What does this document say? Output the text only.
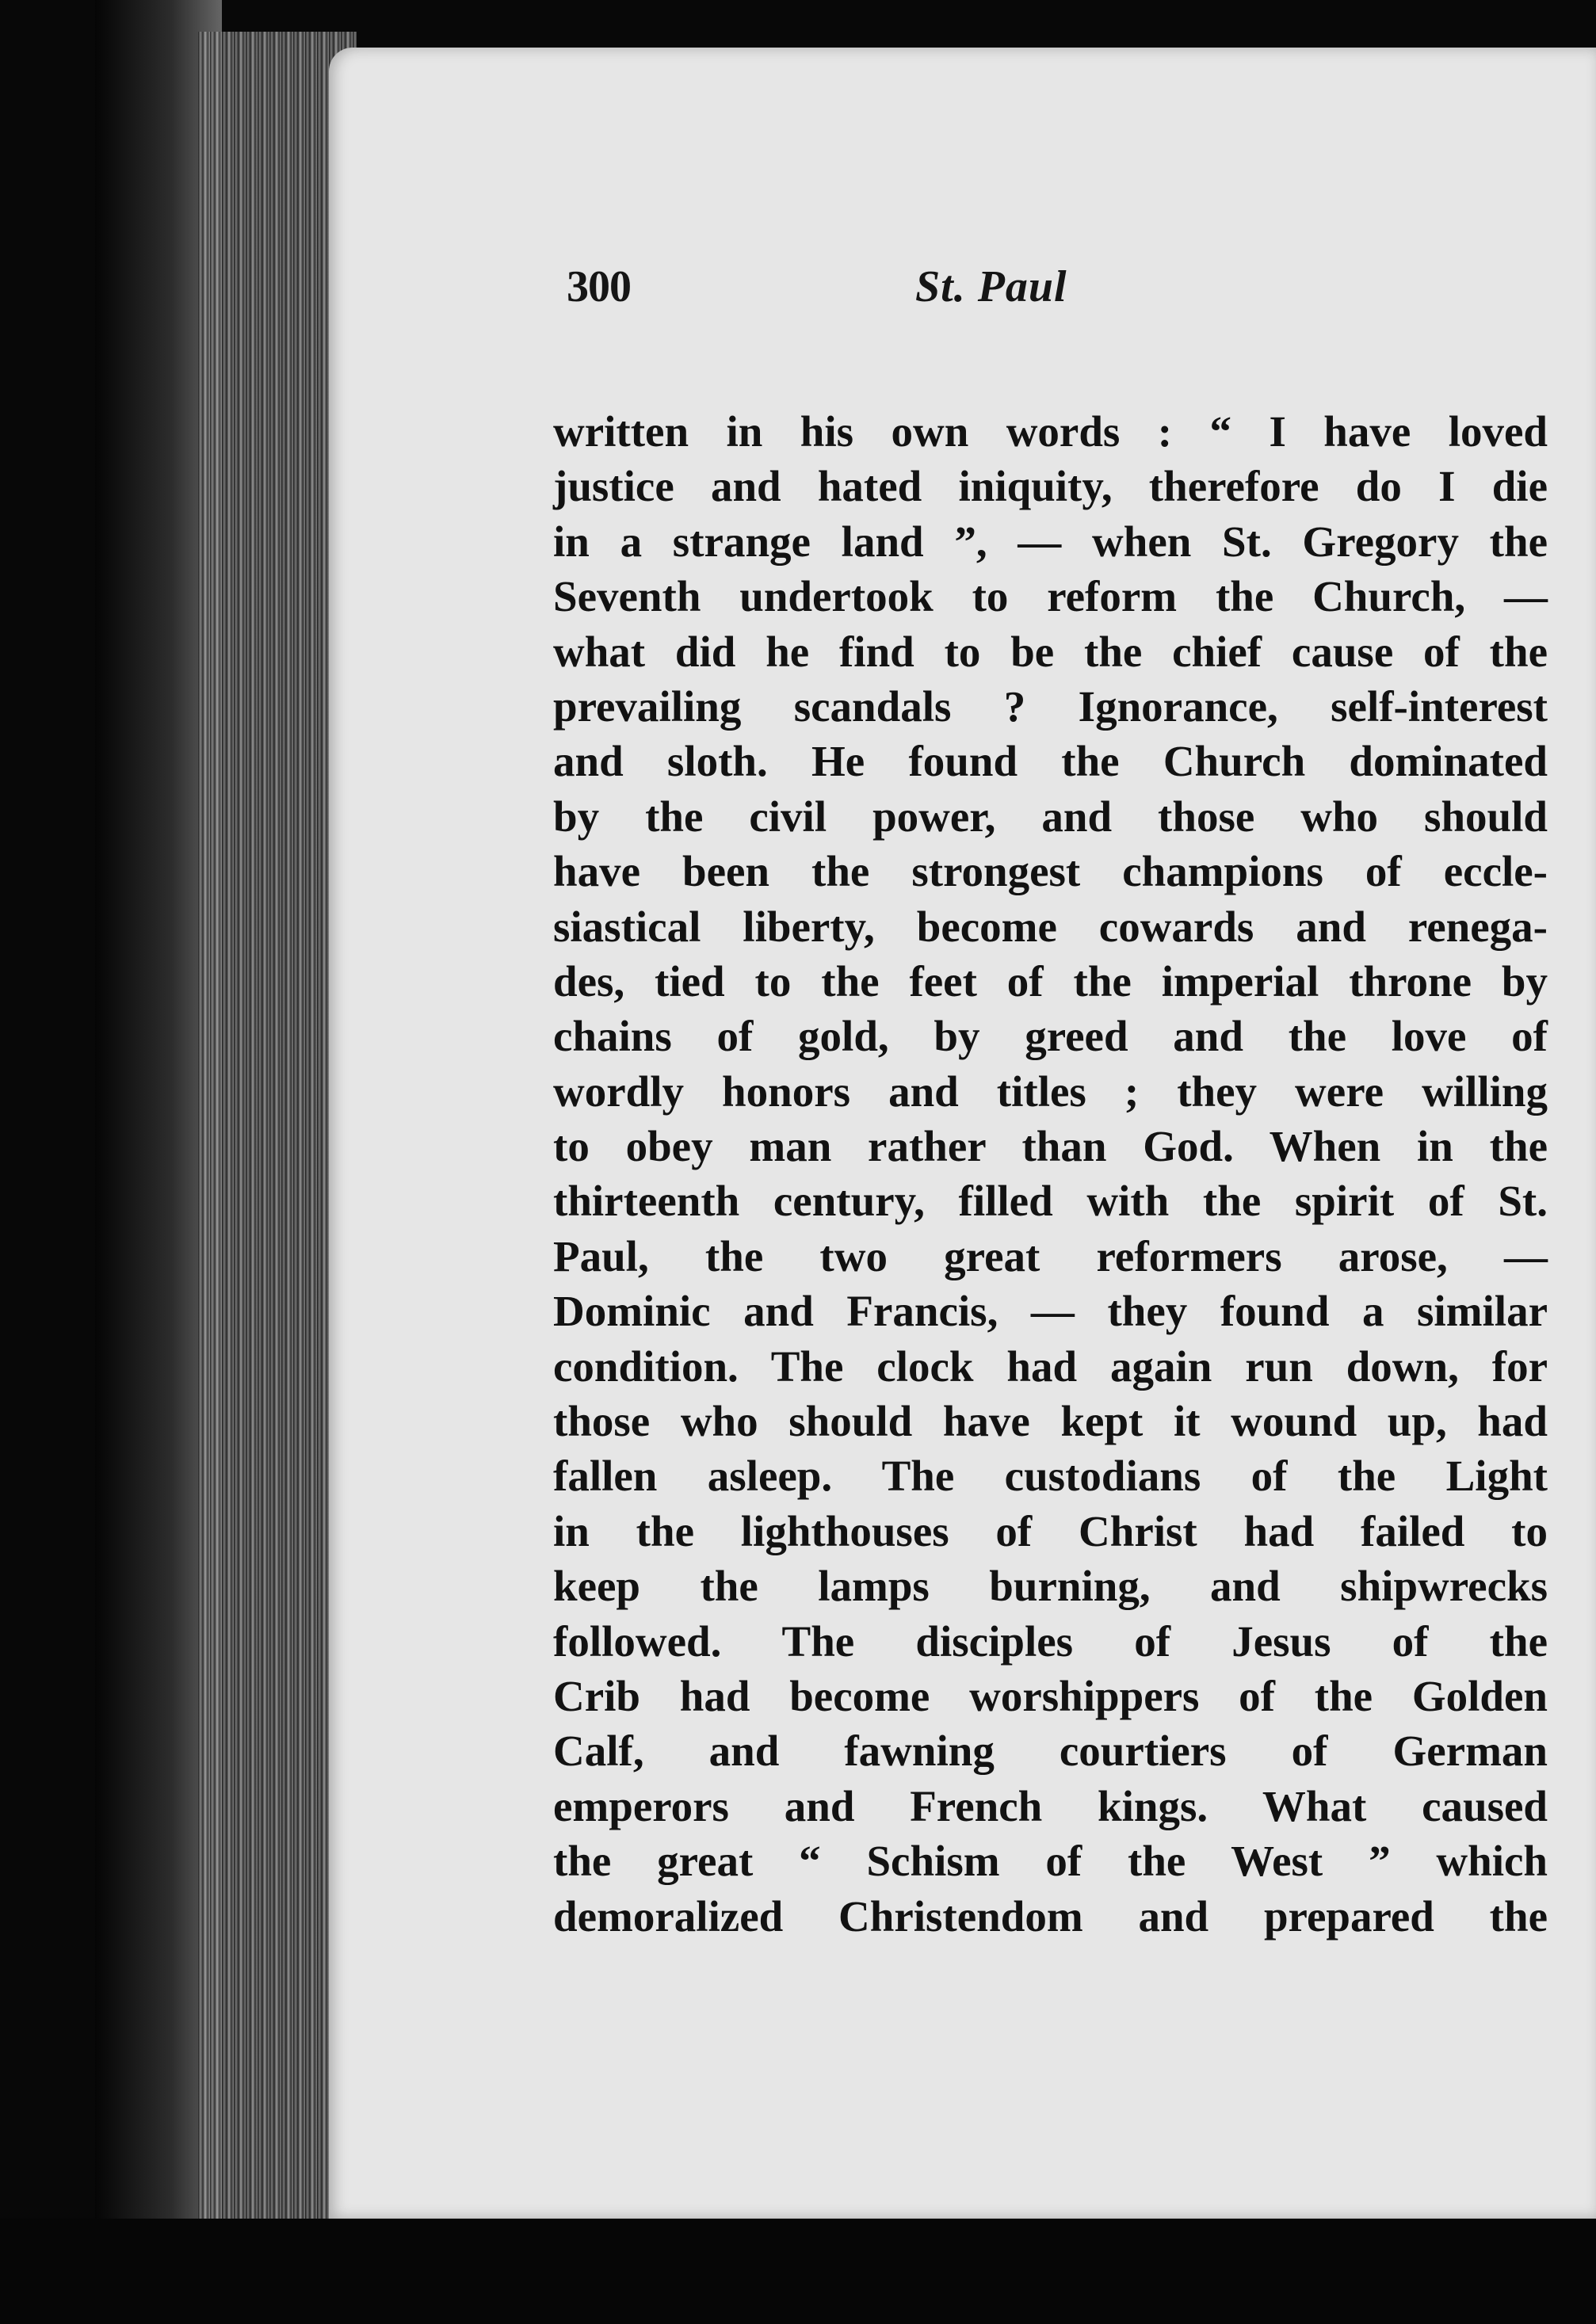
300	St. Paul
written in his own words : “ I have loved
justice and hated iniquity, therefore do I die
in a strange land ”, — when St. Gregory the
Seventh undertook to reform the Church, —
what did he find to be the chief cause of the
prevailing scandals ? Ignorance, self-interest
and sloth. He found the Church dominated
by the civil power, and those who should
have been the strongest champions of eccle-
siastical liberty, become cowards and renega-
des, tied to the feet of the imperial throne by
chains of gold, by greed and the love of
wordly honors and titles ; they were willing
to obey man rather than God. When in the
thirteenth century, filled with the spirit of St.
Paul, the two great reformers arose, —
Dominic and Francis, — they found a similar
condition. The clock had again run down, for
those who should have kept it wound up, had
fallen asleep. The custodians of the Light
in the lighthouses of Christ had failed to
keep the lamps burning, and shipwrecks
followed. The disciples of Jesus of the
Crib had become worshippers of the Golden
Calf, and fawning courtiers of German
emperors and French kings. What caused
the great “ Schism of the West ” which
demoralized Christendom and prepared the
